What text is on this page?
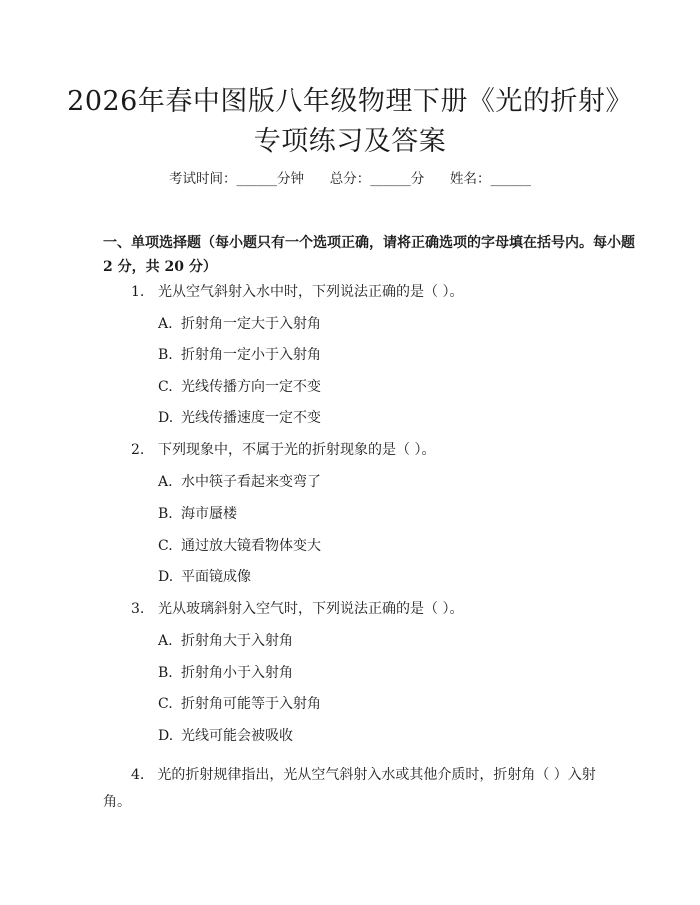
2026年春中图版八年级物理下册《光的折射》专项练习及答案
考试时间：______分钟      总分：______分      姓名：______
一、单项选择题（每小题只有一个选项正确，请将正确选项的字母填在括号内。每小题 2 分，共 20 分）
1. 光从空气斜射入水中时，下列说法正确的是（ ）。
A. 折射角一定大于入射角
B. 折射角一定小于入射角
C. 光线传播方向一定不变
D. 光线传播速度一定不变
2. 下列现象中，不属于光的折射现象的是（ ）。
A. 水中筷子看起来变弯了
B. 海市蜃楼
C. 通过放大镜看物体变大
D. 平面镜成像
3. 光从玻璃斜射入空气时，下列说法正确的是（ ）。
A. 折射角大于入射角
B. 折射角小于入射角
C. 折射角可能等于入射角
D. 光线可能会被吸收
4. 光的折射规律指出，光从空气斜射入水或其他介质时，折射角（ ）入射角。
